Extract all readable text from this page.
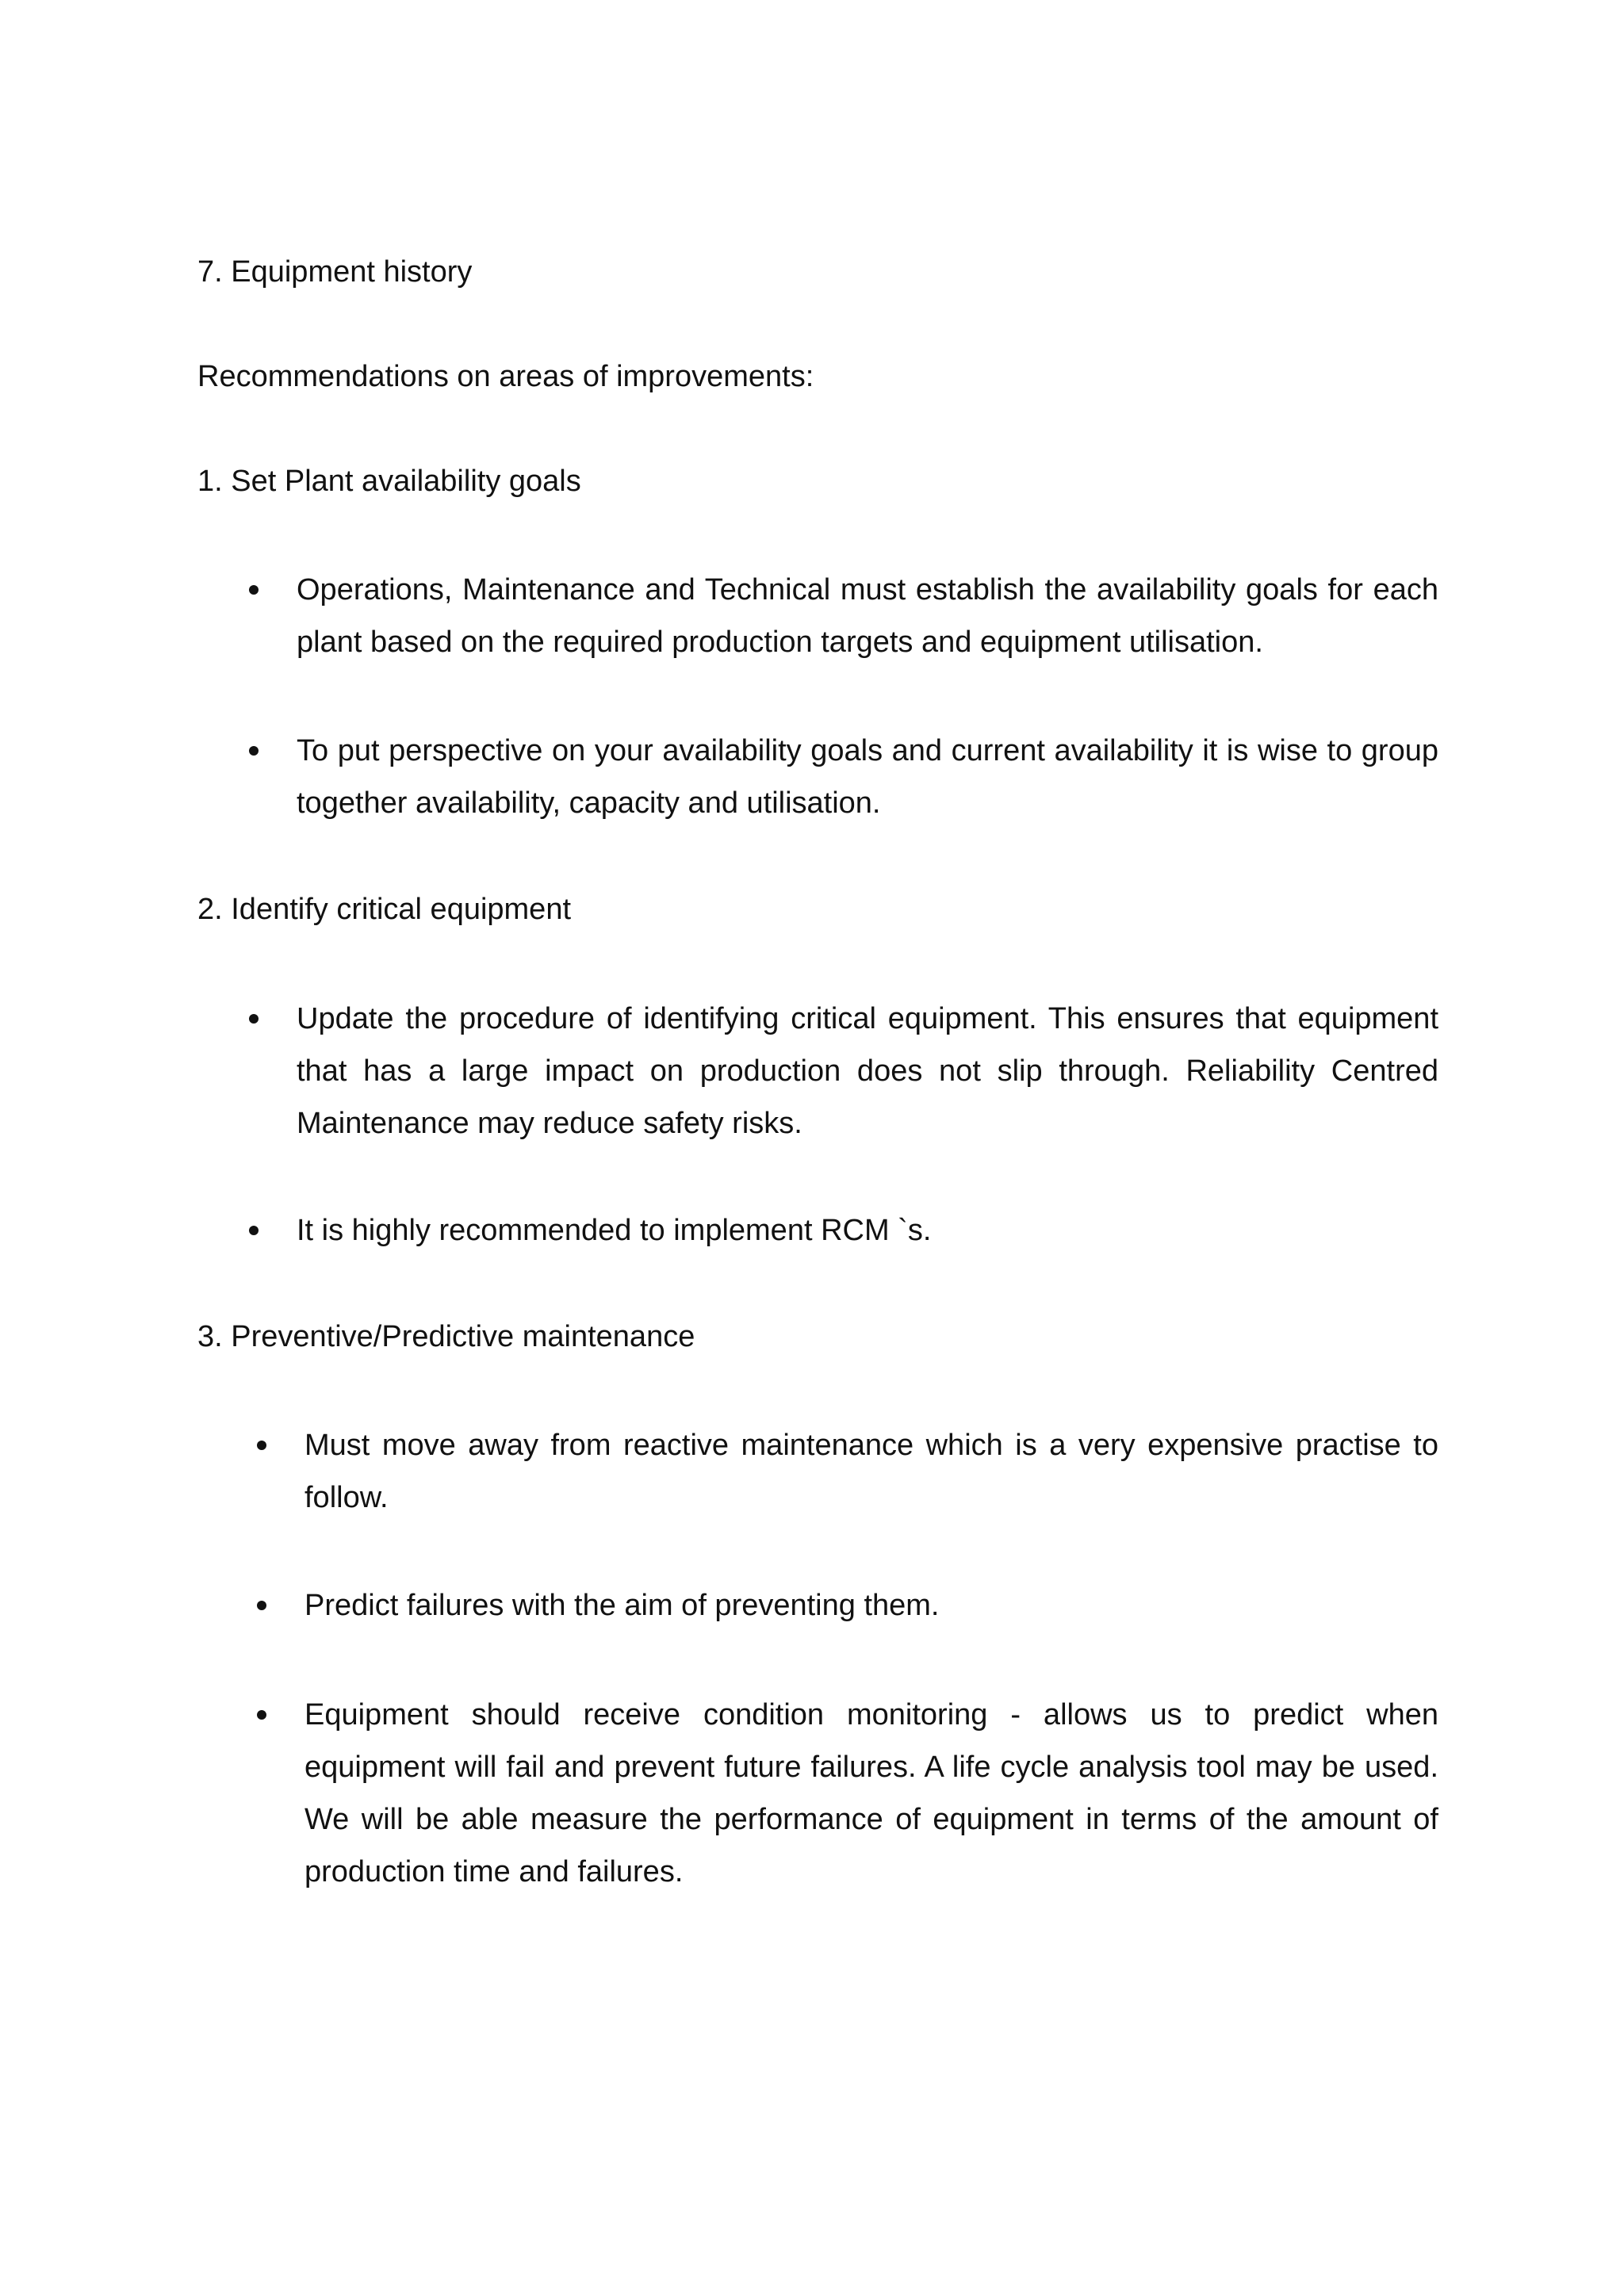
7. Equipment history

Recommendations on areas of improvements:

1. Set Plant availability goals

Operations, Maintenance and Technical must establish the availability goals for each plant based on the required production targets and equipment utilisation.

To put perspective on your availability goals and current availability it is wise to group together availability, capacity and utilisation.

2. Identify critical equipment

Update the procedure of identifying critical equipment. This ensures that equipment that has a large impact on production does not slip through. Reliability Centred Maintenance may reduce safety risks.

It is highly recommended to implement RCM `s.

3. Preventive/Predictive maintenance

Must move away from reactive maintenance which is a very expensive practise to follow.

Predict failures with the aim of preventing them.

Equipment should receive condition monitoring - allows us to predict when equipment will fail and prevent future failures. A life cycle analysis tool may be used. We will be able measure the performance of equipment in terms of the amount of production time and failures.
